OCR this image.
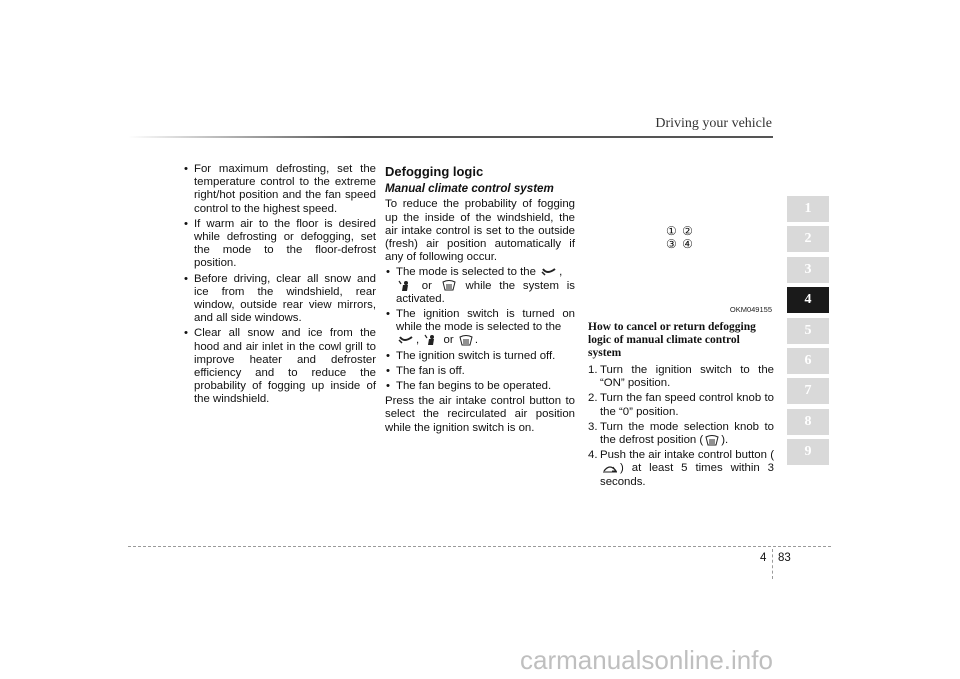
Driving your vehicle
• For maximum defrosting, set the temperature control to the extreme right/hot position and the fan speed control to the highest speed.
• If warm air to the floor is desired while defrosting or defogging, set the mode to the floor-defrost position.
• Before driving, clear all snow and ice from the windshield, rear window, outside rear view mirrors, and all side windows.
• Clear all snow and ice from the hood and air inlet in the cowl grill to improve heater and defroster efficiency and to reduce the probability of fogging up inside of the windshield.
Defogging logic
Manual climate control system
To reduce the probability of fogging up the inside of the windshield, the air intake control is set to the outside (fresh) air position automatically if any of following occur.
• The mode is selected to the ,
or	while the system is activated.
• The ignition switch is turned on while the mode is selected to the
,  or .
• The ignition switch is turned off.
• The fan is off.
• The fan begins to be operated.
Press the air intake control button to select the recirculated air position while the ignition switch is on.
① ②
③ ④
OKM049155
How to cancel or return defogging logic of manual climate control system
1. Turn the ignition switch to the “ON” position.
2. Turn the fan speed control knob to the “0” position.
3. Turn the mode selection knob to the defrost position ( ).
4. Push the air intake control button () at least 5 times within 3 seconds.
1
2
3
4
5
6
7
8
9
4 83
carmanualsonline.info
